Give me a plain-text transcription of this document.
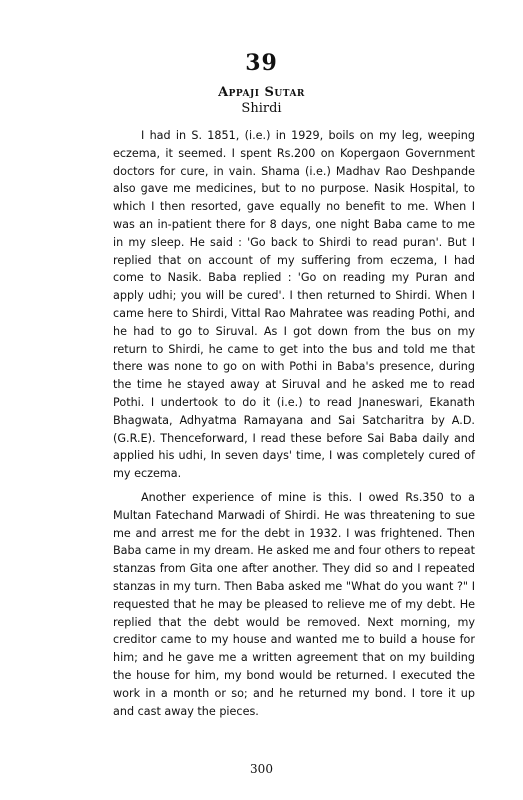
39
Appaji Sutar
Shirdi

I had in S. 1851, (i.e.) in 1929, boils on my leg, weeping eczema, it seemed. I spent Rs.200 on Kopergaon Government doctors for cure, in vain. Shama (i.e.) Madhav Rao Deshpande also gave me medicines, but to no purpose. Nasik Hospital, to which I then resorted, gave equally no benefit to me. When I was an in-patient there for 8 days, one night Baba came to me in my sleep. He said : 'Go back to Shirdi to read puran'. But I replied that on account of my suffering from eczema, I had come to Nasik. Baba replied : 'Go on reading my Puran and apply udhi; you will be cured'. I then returned to Shirdi. When I came here to Shirdi, Vittal Rao Mahratee was reading Pothi, and he had to go to Siruval. As I got down from the bus on my return to Shirdi, he came to get into the bus and told me that there was none to go on with Pothi in Baba's presence, during the time he stayed away at Siruval and he asked me to read Pothi. I undertook to do it (i.e.) to read Jnaneswari, Ekanath Bhagwata, Adhyatma Ramayana and Sai Satcharitra by A.D.(G.R.E). Thenceforward, I read these before Sai Baba daily and applied his udhi, In seven days' time, I was completely cured of my eczema.

Another experience of mine is this. I owed Rs.350 to a Multan Fatechand Marwadi of Shirdi. He was threatening to sue me and arrest me for the debt in 1932. I was frightened. Then Baba came in my dream. He asked me and four others to repeat stanzas from Gita one after another. They did so and I repeated stanzas in my turn. Then Baba asked me "What do you want ?" I requested that he may be pleased to relieve me of my debt. He replied that the debt would be removed. Next morning, my creditor came to my house and wanted me to build a house for him; and he gave me a written agreement that on my building the house for him, my bond would be returned. I executed the work in a month or so; and he returned my bond. I tore it up and cast away the pieces.

300
